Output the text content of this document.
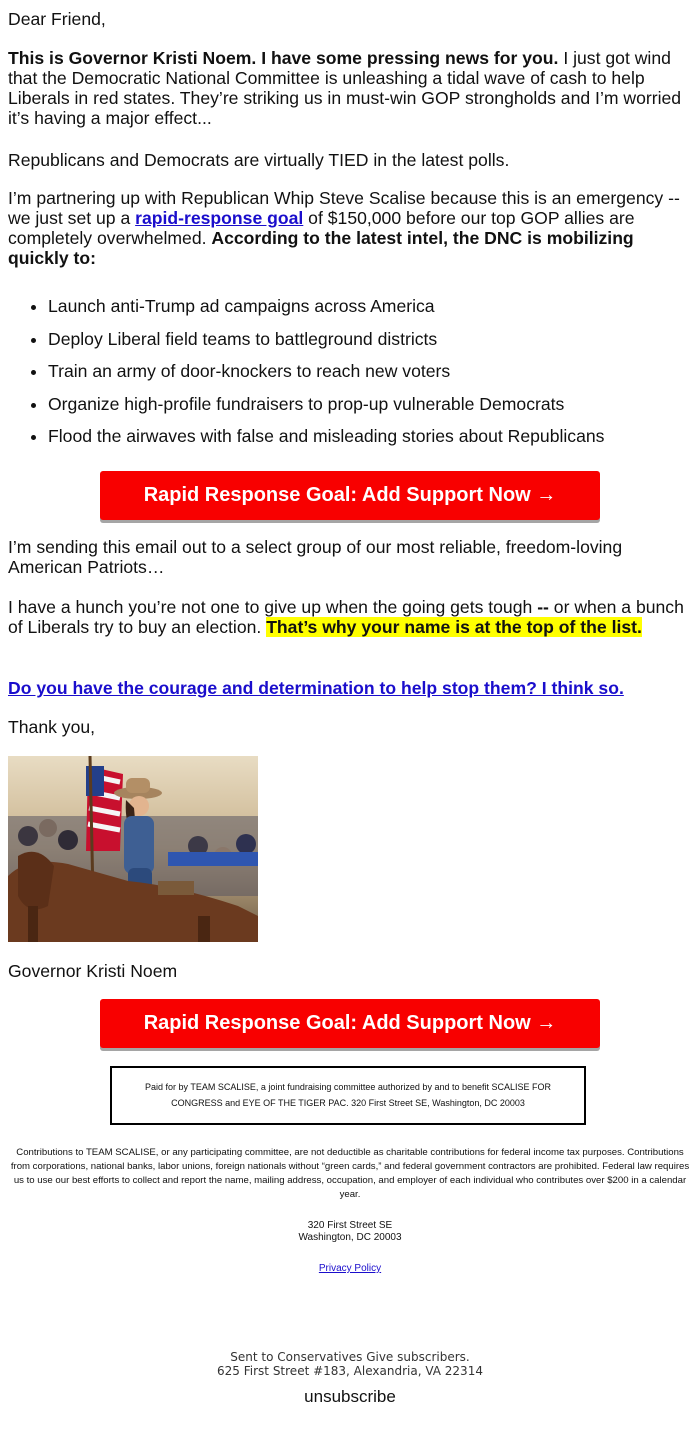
Dear Friend,

This is Governor Kristi Noem. I have some pressing news for you. I just got wind that the Democratic National Committee is unleashing a tidal wave of cash to help Liberals in red states. They’re striking us in must-win GOP strongholds and I’m worried it’s having a major effect...

Republicans and Democrats are virtually TIED in the latest polls.

I’m partnering up with Republican Whip Steve Scalise because this is an emergency -- we just set up a rapid-response goal of $150,000 before our top GOP allies are completely overwhelmed. According to the latest intel, the DNC is mobilizing quickly to:

• Launch anti-Trump ad campaigns across America
• Deploy Liberal field teams to battleground districts
• Train an army of door-knockers to reach new voters
• Organize high-profile fundraisers to prop-up vulnerable Democrats
• Flood the airwaves with false and misleading stories about Republicans

I’m sending this email out to a select group of our most reliable, freedom-loving American Patriots…

I have a hunch you’re not one to give up when the going gets tough -- or when a bunch of Liberals try to buy an election. That’s why your name is at the top of the list.

Do you have the courage and determination to help stop them? I think so.

Thank you,

Governor Kristi Noem

Rapid Response Goal: Add Support Now →
Rapid Response Goal: Add Support Now →
Paid for by TEAM SCALISE, a joint fundraising committee authorized by and to benefit SCALISE FOR CONGRESS and EYE OF THE TIGER PAC. 320 First Street SE, Washington, DC 20003
Contributions to TEAM SCALISE, or any participating committee, are not deductible as charitable contributions for federal income tax purposes. Contributions from corporations, national banks, labor unions, foreign nationals without “green cards,” and federal government contractors are prohibited. Federal law requires us to use our best efforts to collect and report the name, mailing address, occupation, and employer of each individual who contributes over $200 in a calendar year.
320 First Street SE
Washington, DC 20003
Privacy Policy
Sent to Conservatives Give subscribers.
625 First Street #183, Alexandria, VA 22314
unsubscribe
